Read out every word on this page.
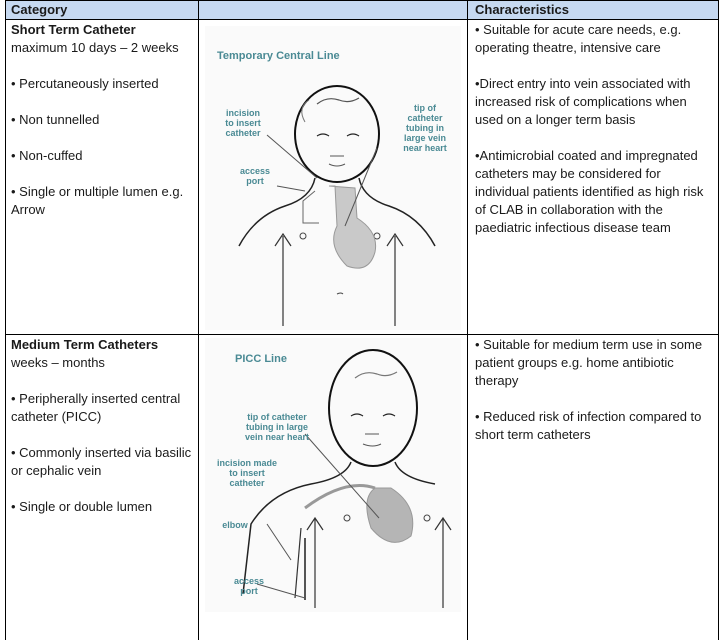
Category	Characteristics

Short Term Catheter

maximum 10 days – 2 weeks

• Percutaneously inserted

• Non tunnelled

• Non-cuffed

• Single or multiple lumen e.g. Arrow

Temporary Central Line
incision
to insert
catheter
tip of
catheter
tubing in
large vein
near heart
access
port

• Suitable for acute care needs, e.g. operating theatre, intensive care

•Direct entry into vein associated with increased risk of complications when used on a longer term basis

•Antimicrobial coated and impregnated catheters may be considered for individual patients identified as high risk of CLAB in collaboration with the paediatric infectious disease team

Medium Term Catheters

weeks – months

• Peripherally inserted central catheter (PICC)

• Commonly inserted via basilic or cephalic vein

• Single or double lumen

PICC Line
tip of catheter
tubing in large
vein near heart
incision made
to insert
catheter
elbow
access
port

• Suitable for medium term use in some patient groups e.g. home antibiotic therapy

• Reduced risk of infection compared to short term catheters
